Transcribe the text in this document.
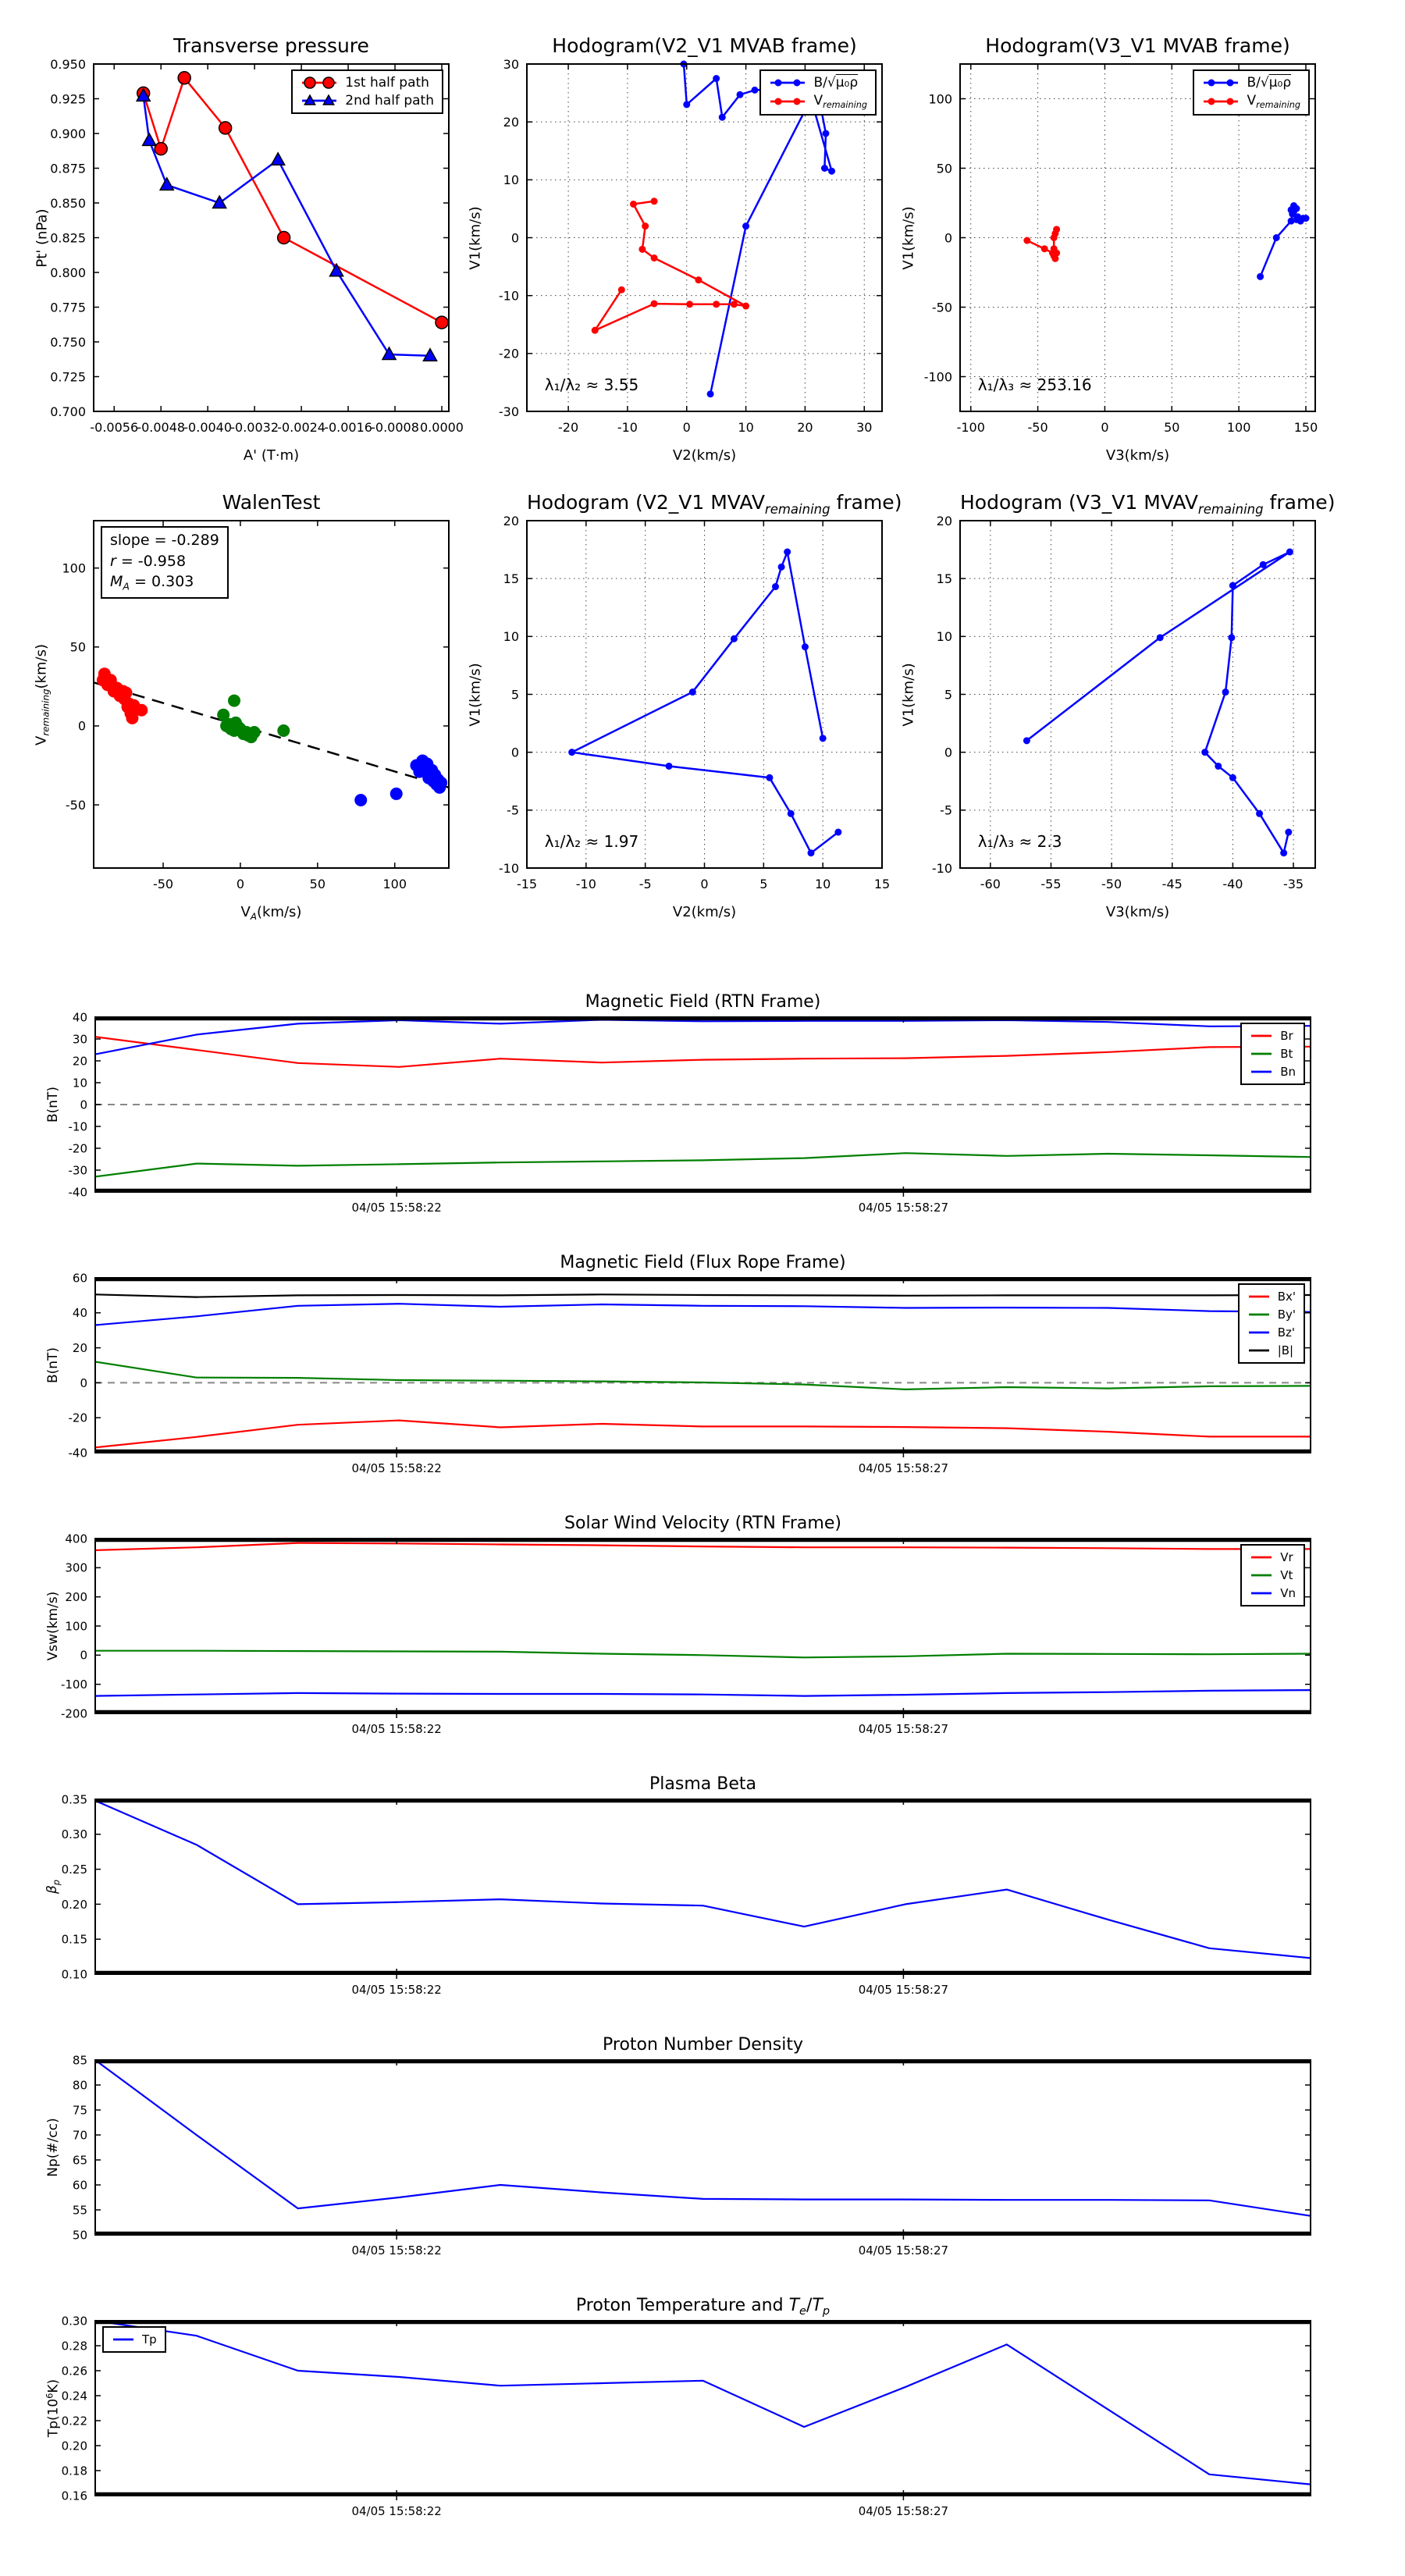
-0.0056
-0.0048
-0.0040
-0.0032
-0.0024
-0.0016
-0.0008 0.0000
0.700
0.725
0.750
0.775
0.800
0.825
0.850
0.875
0.900
0.925
0.950
Transverse pressure
A' (T·m)
Pt' (nPa)
1st half path
2nd half path
-20	-10	0	10	20	30
-30
-20
-10
0
10
20
30
Hodogram(V2_V1 MVAB frame)
V2(km/s)
V1(km/s)
B/√μ₀ρ
$V_{remaining}$
λ₁/λ₂ ≈ 3.55
-100	-50	0	50	100	150
-100
-50
0
50
100
Hodogram(V3_V1 MVAB frame)
V3(km/s)
V1(km/s)
B/√μ₀ρ
$V_{remaining}$
λ₁/λ₃ ≈ 253.16
-50	0	50	100
-50
0
50
100
WalenTest
$V_A(km/s)$
$V_{remaining}(km/s)$
slope = -0.289
r = -0.958
$M_A = 0.303$
-15	-10	-5	0	5	10	15
-10
-5
0
5
10
15
20
Hodogram (V2_V1 $MVAV_{remaining}$ frame)
V2(km/s)
V1(km/s)
λ₁/λ₂ ≈ 1.97
-60	-55	-50	-45	-40	-35
-10
-5
0
5
10
15
20
Hodogram (V3_V1 $MVAV_{remaining}$ frame)
V3(km/s)
V1(km/s)
λ₁/λ₃ ≈ 2.3
04/05 15:58:22	04/05 15:58:27
-40
-30
-20
-10
0
10
20
30
40
Magnetic Field (RTN Frame)
B(nT)
Br
Bt
Bn
04/05 15:58:22	04/05 15:58:27
-40
-20
0
20
40
60
Magnetic Field (Flux Rope Frame)
B(nT)
Bx'
By'
Bz'
|B|
04/05 15:58:22	04/05 15:58:27
-200
-100
0
100
200
300
400
Solar Wind Velocity (RTN Frame)
Vsw(km/s)
Vr
Vt
Vn
04/05 15:58:22	04/05 15:58:27
0.10
0.15
0.20
0.25
0.30
0.35
Plasma Beta
$\beta_p$
04/05 15:58:22	04/05 15:58:27
50
55
60
65
70
75
80
85
Proton Number Density
Np(#/cc)
04/05 15:58:22	04/05 15:58:27
0.16
0.18
0.20
0.22
0.24
0.26
0.28
0.30
Proton Temperature and $T_e/T_p$
$Tp(10^6K)$
Tp
